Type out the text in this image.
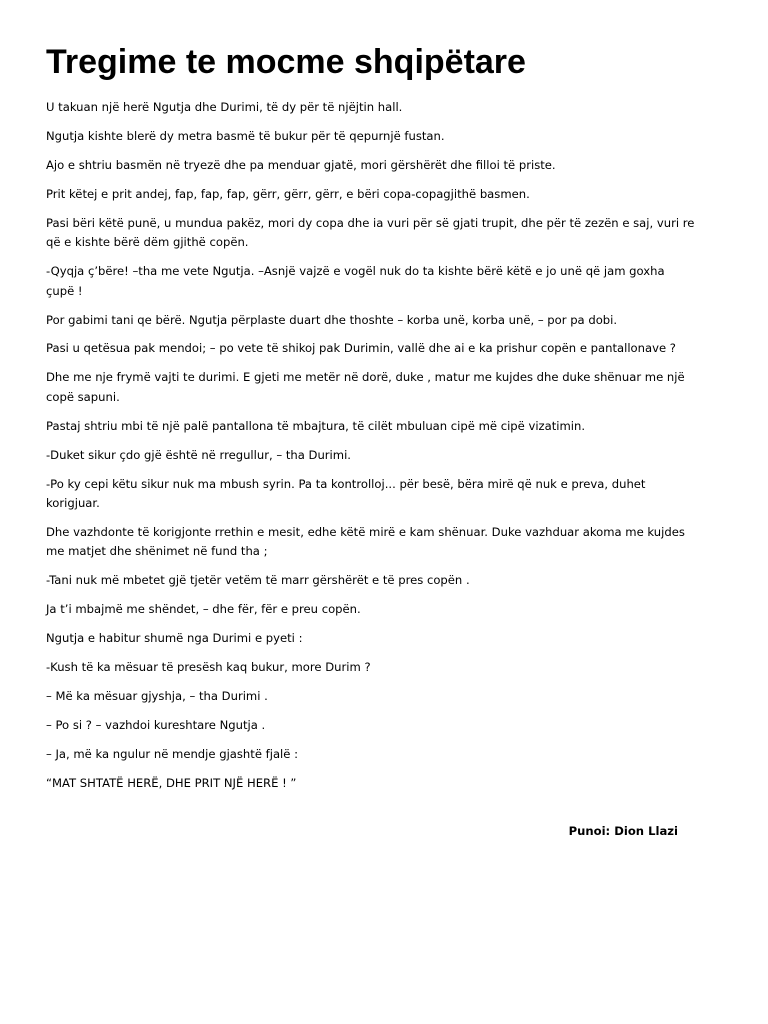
Tregime te mocme shqipëtare

U takuan një herë Ngutja dhe Durimi, të dy për të njëjtin hall.

Ngutja kishte blerë dy metra basmë të bukur për të qepurnjë fustan.

Ajo e shtriu basmën në tryezë dhe pa menduar gjatë, mori gërshërët dhe filloi të priste.

Prit këtej e prit andej, fap, fap, fap, gërr, gërr, gërr, e bëri copa-copagjithë basmen.

Pasi bëri këtë punë, u mundua pakëz, mori dy copa dhe ia vuri për së gjati trupit, dhe për të zezën e saj, vuri re që e kishte bërë dëm gjithë copën.

-Qyqja ç’bëre! –tha me vete Ngutja. –Asnjë vajzë e vogël nuk do ta kishte bërë këtë e jo unë që jam goxha çupë !

Por gabimi tani qe bërë. Ngutja përplaste duart dhe thoshte – korba unë, korba unë, – por pa dobi.

Pasi u qetësua pak mendoi; – po vete të shikoj pak Durimin, vallë dhe ai e ka prishur copën e pantallonave ?

Dhe me nje frymë vajti te durimi. E gjeti me metër në dorë, duke , matur me kujdes dhe duke shënuar me një copë sapuni.

Pastaj shtriu mbi të një palë pantallona të mbajtura, të cilët mbuluan cipë më cipë vizatimin.

-Duket sikur çdo gjë është në rregullur, – tha Durimi.

-Po ky cepi këtu sikur nuk ma mbush syrin. Pa ta kontrolloj... për besë, bëra mirë që nuk e preva, duhet korigjuar.

Dhe vazhdonte të korigjonte rrethin e mesit, edhe këtë mirë e kam shënuar. Duke vazhduar akoma me kujdes me matjet dhe shënimet në fund tha ;

-Tani nuk më mbetet gjë tjetër vetëm të marr gërshërët e të pres copën .

Ja t’i mbajmë me shëndet, – dhe fër, fër e preu copën.

Ngutja e habitur shumë nga Durimi e pyeti :

-Kush të ka mësuar të presësh kaq bukur, more Durim ?

– Më ka mësuar gjyshja, – tha Durimi .

– Po si ? – vazhdoi kureshtare Ngutja .

– Ja, më ka ngulur në mendje gjashtë fjalë :

“MAT SHTATË HERË, DHE PRIT NJË HERË ! ”

Punoi: Dion Llazi
